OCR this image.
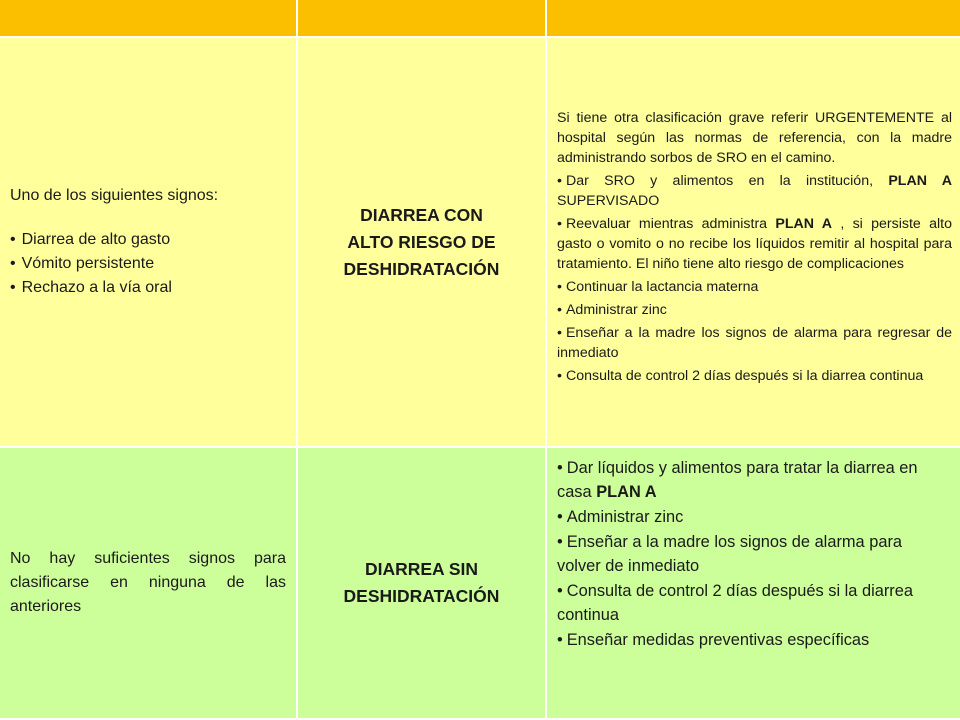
Uno de los siguientes signos:
• Diarrea de alto gasto
• Vómito persistente
• Rechazo a la vía oral
DIARREA CON
ALTO RIESGO DE
DESHIDRATACIÓN

Si tiene otra clasificación grave referir URGENTEMENTE al hospital según las normas de referencia, con la madre administrando sorbos de SRO en el camino.

• Dar SRO y alimentos en la institución, PLAN A SUPERVISADO

• Reevaluar mientras administra PLAN A , si persiste alto gasto o vomito o no recibe los líquidos remitir al hospital para tratamiento. El niño tiene alto riesgo de complicaciones

• Continuar la lactancia materna

• Administrar zinc

• Enseñar a la madre los signos de alarma para regresar de inmediato

• Consulta de control 2 días después si la diarrea continua

No hay suficientes signos para clasificarse en ninguna de las anteriores
DIARREA SIN
DESHIDRATACIÓN

• Dar líquidos y alimentos para tratar la diarrea en casa PLAN A

• Administrar zinc

• Enseñar a la madre los signos de alarma para volver de inmediato

• Consulta de control 2 días después si la diarrea continua

• Enseñar medidas preventivas específicas
